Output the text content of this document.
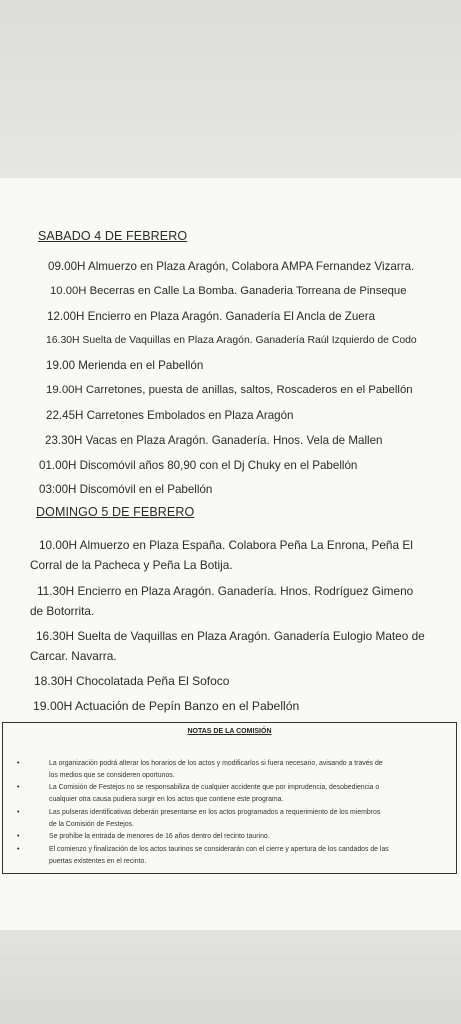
SABADO 4 DE FEBRERO
09.00H Almuerzo en Plaza Aragón, Colabora AMPA Fernandez Vizarra.
10.00H Becerras en Calle La Bomba. Ganaderia Torreana de Pinseque
12.00H Encierro en Plaza Aragón. Ganadería El Ancla de Zuera
16.30H Suelta de Vaquillas en Plaza Aragón. Ganadería Raúl Izquierdo de Codo
19.00 Merienda en el Pabellón
19.00H Carretones, puesta de anillas, saltos, Roscaderos en el Pabellón
22.45H Carretones Embolados en Plaza Aragón
23.30H Vacas en Plaza Aragón. Ganadería. Hnos. Vela de Mallen
01.00H Discomóvil años 80,90 con el Dj Chuky en el Pabellón
03:00H Discomóvil en el Pabellón
DOMINGO 5 DE FEBRERO
10.00H Almuerzo en Plaza España. Colabora Peña La Enrona, Peña El
Corral de la Pacheca y Peña La Botija.
11.30H Encierro en Plaza Aragón. Ganadería. Hnos. Rodríguez Gimeno
de Botorrita.
16.30H Suelta de Vaquillas en Plaza Aragón. Ganadería Eulogio Mateo de
Carcar. Navarra.
18.30H Chocolatada Peña El Sofoco
19.00H Actuación de Pepín Banzo en el Pabellón
NOTAS DE LA COMISIÓN
•	La organización podrá alterar los horarios de los actos y modificarlos si fuera necesario, avisando a través de
los medios que se consideren oportunos.
•	La Comisión de Festejos no se responsabiliza de cualquier accidente que por imprudencia, desobediencia o
cualquier otra causa pudiera surgir en los actos que contiene este programa.
•	Las pulseras identificativas deberán presentarse en los actos programados a requerimiento de los miembros
de la Comisión de Festejos.
•	Se prohíbe la entrada de menores de 16 años dentro del recinto taurino.
•	El comienzo y finalización de los actos taurinos se considerarán con el cierre y apertura de los candados de las
puertas existentes en el recinto.
